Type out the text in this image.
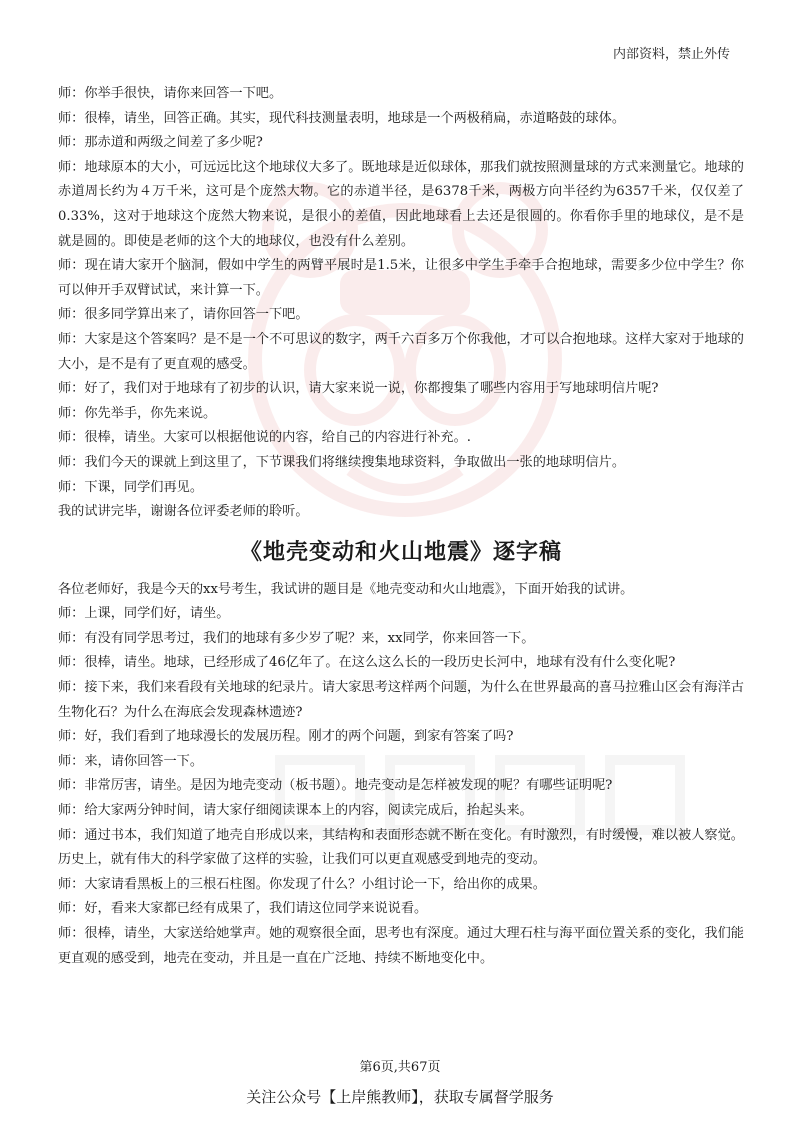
内部资料，禁止外传

师：你举手很快，请你来回答一下吧。

师：很棒，请坐，回答正确。其实，现代科技测量表明，地球是一个两极稍扁，赤道略鼓的球体。

师：那赤道和两级之间差了多少呢?

师：地球原本的大小，可远远比这个地球仪大多了。既地球是近似球体，那我们就按照测量球的方式来测量它。地球的赤道周长约为４万千米，这可是个庞然大物。它的赤道半径，是6378千米，两极方向半径约为6357千米，仅仅差了0.33%，这对于地球这个庞然大物来说，是很小的差值，因此地球看上去还是很圆的。你看你手里的地球仪，是不是就是圆的。即使是老师的这个大的地球仪，也没有什么差别。

师：现在请大家开个脑洞，假如中学生的两臂平展时是1.5米，让很多中学生手牵手合抱地球，需要多少位中学生？你可以伸开手双臂试试，来计算一下。

师：很多同学算出来了，请你回答一下吧。

师：大家是这个答案吗？是不是一个不可思议的数字，两千六百多万个你我他，才可以合抱地球。这样大家对于地球的大小，是不是有了更直观的感受。

师：好了，我们对于地球有了初步的认识，请大家来说一说，你都搜集了哪些内容用于写地球明信片呢?

师：你先举手，你先来说。

师：很棒，请坐。大家可以根据他说的内容，给自己的内容进行补充。.

师：我们今天的课就上到这里了，下节课我们将继续搜集地球资料，争取做出一张的地球明信片。

师：下课，同学们再见。

我的试讲完毕，谢谢各位评委老师的聆听。

《地壳变动和火山地震》逐字稿

各位老师好，我是今天的xx号考生，我试讲的题目是《地壳变动和火山地震》，下面开始我的试讲。

师：上课，同学们好，请坐。

师：有没有同学思考过，我们的地球有多少岁了呢？来，xx同学，你来回答一下。

师：很棒，请坐。地球，已经形成了46亿年了。在这么这么长的一段历史长河中，地球有没有什么变化呢?

师：接下来，我们来看段有关地球的纪录片。请大家思考这样两个问题，为什么在世界最高的喜马拉雅山区会有海洋古生物化石？为什么在海底会发现森林遗迹?

师：好，我们看到了地球漫长的发展历程。刚才的两个问题，到家有答案了吗?

师：来，请你回答一下。

师：非常厉害，请坐。是因为地壳变动（板书题）。地壳变动是怎样被发现的呢？有哪些证明呢?

师：给大家两分钟时间，请大家仔细阅读课本上的内容，阅读完成后，抬起头来。

师：通过书本，我们知道了地壳自形成以来，其结构和表面形态就不断在变化。有时激烈，有时缓慢，难以被人察觉。历史上，就有伟大的科学家做了这样的实验，让我们可以更直观感受到地壳的变动。

师：大家请看黑板上的三根石柱图。你发现了什么？小组讨论一下，给出你的成果。

师：好，看来大家都已经有成果了，我们请这位同学来说说看。

师：很棒，请坐，大家送给她掌声。她的观察很全面，思考也有深度。通过大理石柱与海平面位置关系的变化，我们能更直观的感受到，地壳在变动，并且是一直在广泛地、持续不断地变化中。

第6页,共67页
关注公众号【上岸熊教师】，获取专属督学服务
